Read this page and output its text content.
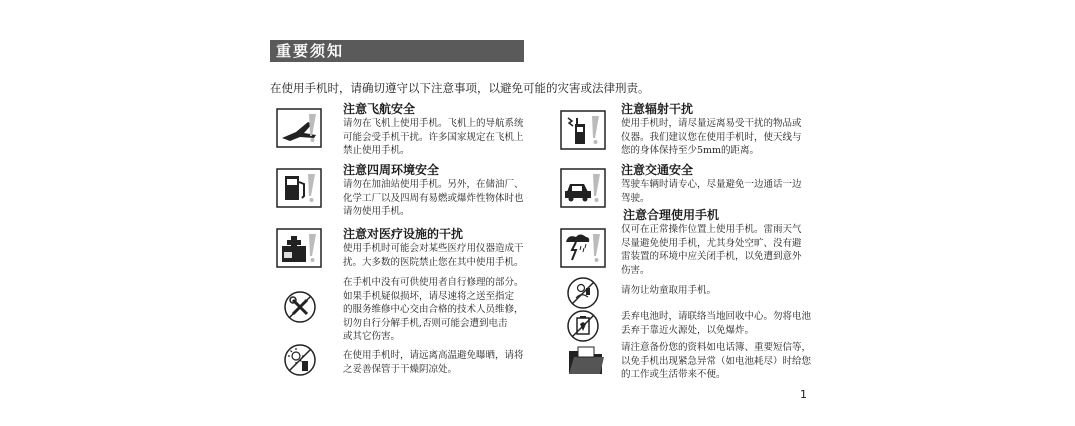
重要须知
在使用手机时，请确切遵守以下注意事项，以避免可能的灾害或法律刑责。
注意飞航安全
请勿在飞机上使用手机。飞机上的导航系统
可能会受手机干扰。许多国家规定在飞机上
禁止使用手机。
注意四周环境安全
请勿在加油站使用手机。另外，在储油厂、
化学工厂以及四周有易燃或爆炸性物体时也
请勿使用手机。
注意对医疗设施的干扰
使用手机时可能会对某些医疗用仪器造成干
扰。大多数的医院禁止您在其中使用手机。
在手机中没有可供使用者自行修理的部分。
如果手机疑似损坏，请尽速将之送至指定
的服务维修中心交由合格的技术人员维修，
切勿自行分解手机,否则可能会遭到电击
或其它伤害。
在使用手机时，请远离高温避免曝晒，请将
之妥善保管于干燥阴凉处。
注意辐射干扰
使用手机时，请尽量远离易受干扰的物品或
仪器。我们建议您在使用手机时，使天线与
您的身体保持至少5mm的距离。
注意交通安全
驾驶车辆时请专心，尽量避免一边通话一边
驾驶。
注意合理使用手机
仅可在正常操作位置上使用手机。雷雨天气
尽量避免使用手机，尤其身处空旷、没有避
雷装置的环境中应关闭手机，以免遭到意外
伤害。
请勿让幼童取用手机。
丢弃电池时，请联络当地回收中心。勿将电池
丢弃于靠近火源处，以免爆炸。
请注意备份您的资料如电话簿、重要短信等，
以免手机出现紧急异常（如电池耗尽）时给您
的工作或生活带来不便。
1
